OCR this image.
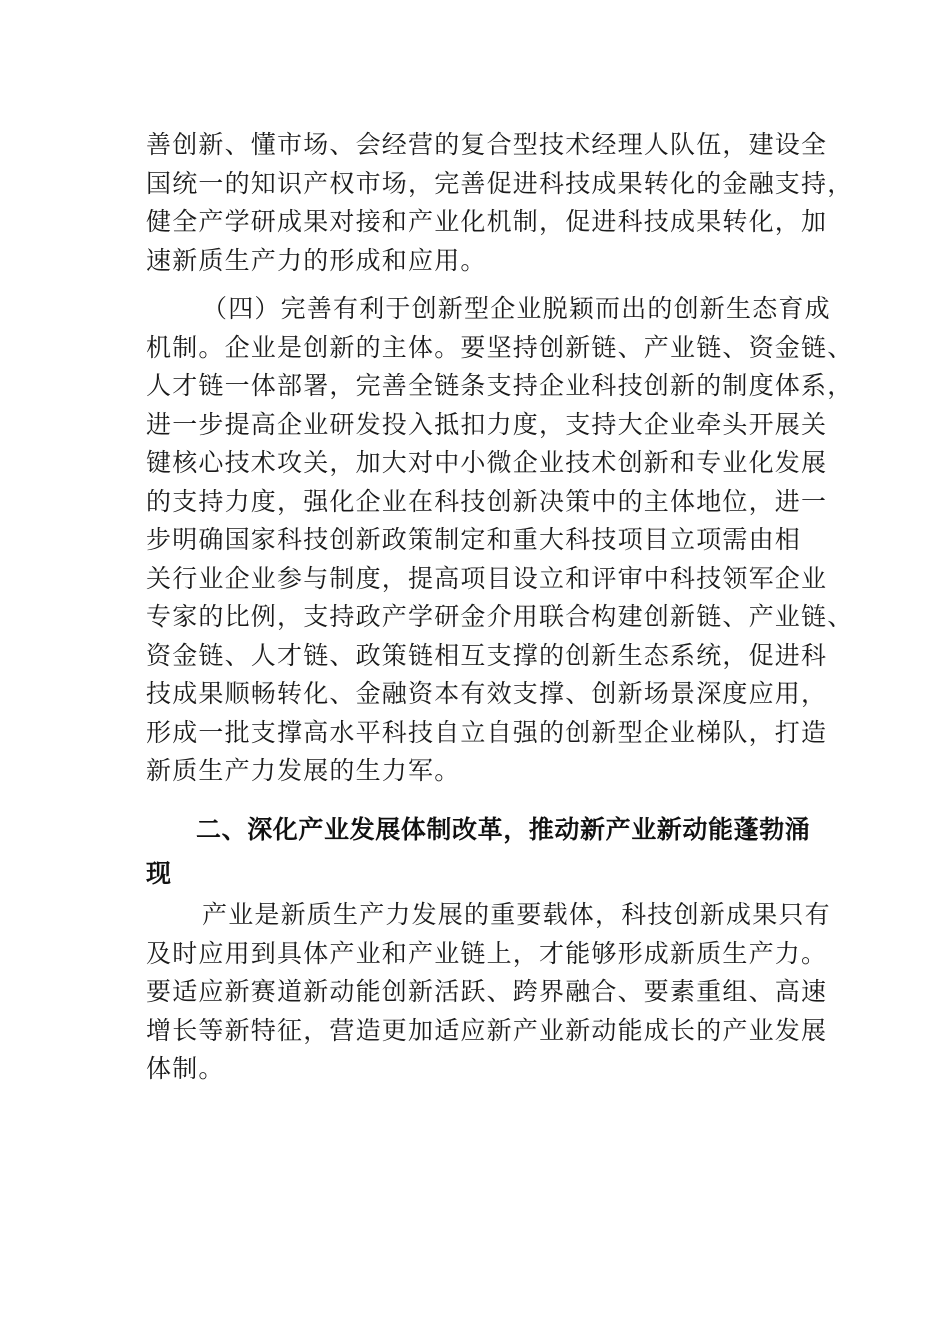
善创新、懂市场、会经营的复合型技术经理人队伍，建设全
国统一的知识产权市场，完善促进科技成果转化的金融支持，
健全产学研成果对接和产业化机制，促进科技成果转化，加
速新质生产力的形成和应用。
（四）完善有利于创新型企业脱颖而出的创新生态育成
机制。企业是创新的主体。要坚持创新链、产业链、资金链、
人才链一体部署，完善全链条支持企业科技创新的制度体系，
进一步提高企业研发投入抵扣力度，支持大企业牵头开展关
键核心技术攻关，加大对中小微企业技术创新和专业化发展
的支持力度，强化企业在科技创新决策中的主体地位，进一
步明确国家科技创新政策制定和重大科技项目立项需由相
关行业企业参与制度，提高项目设立和评审中科技领军企业
专家的比例，支持政产学研金介用联合构建创新链、产业链、
资金链、人才链、政策链相互支撑的创新生态系统，促进科
技成果顺畅转化、金融资本有效支撑、创新场景深度应用，
形成一批支撑高水平科技自立自强的创新型企业梯队，打造
新质生产力发展的生力军。
二、深化产业发展体制改革，推动新产业新动能蓬勃涌
现
产业是新质生产力发展的重要载体，科技创新成果只有
及时应用到具体产业和产业链上，才能够形成新质生产力。
要适应新赛道新动能创新活跃、跨界融合、要素重组、高速
增长等新特征，营造更加适应新产业新动能成长的产业发展
体制。
